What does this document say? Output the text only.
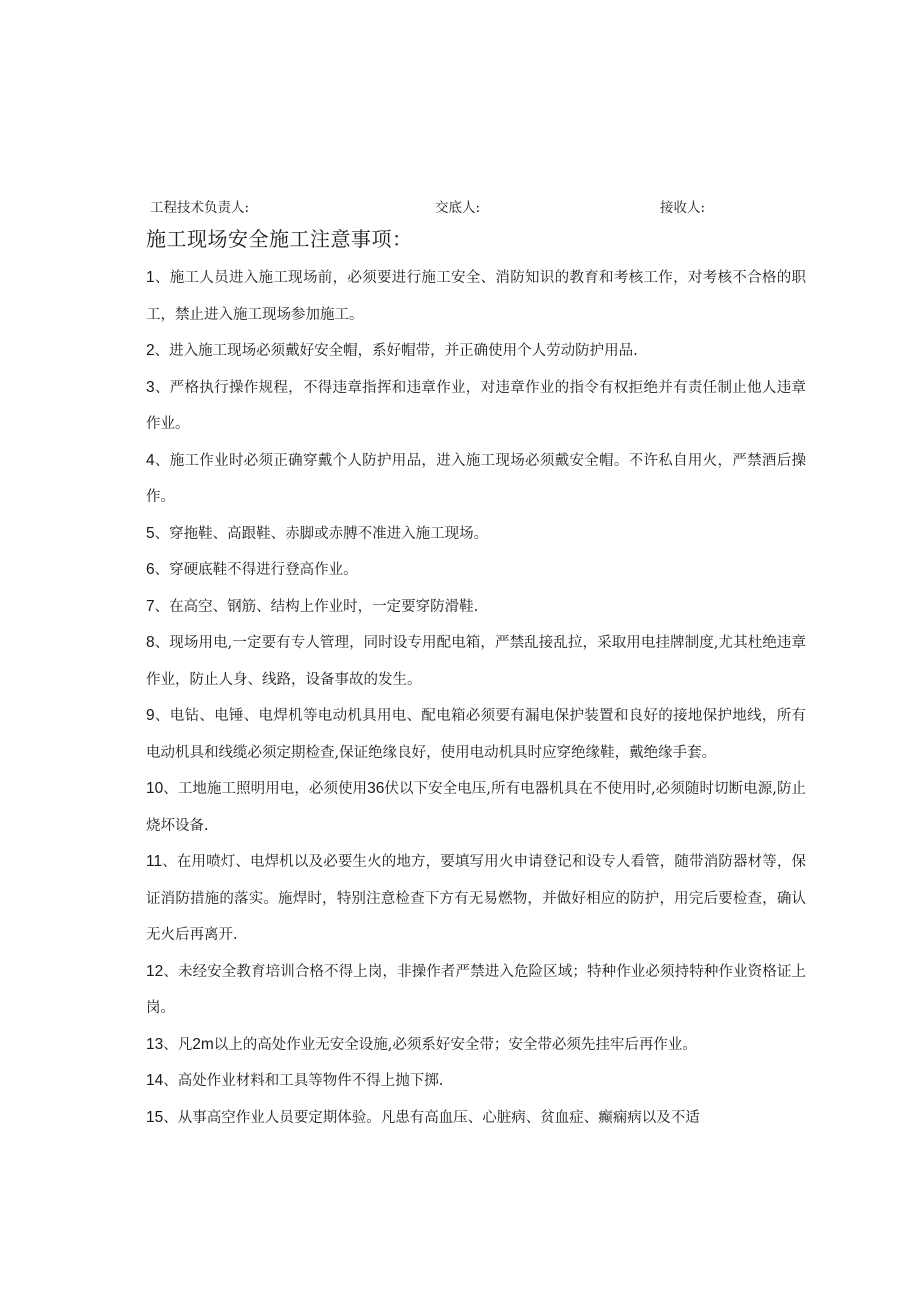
工程技术负责人:	交底人:	接收人:
施工现场安全施工注意事项：
1、施工人员进入施工现场前，必须要进行施工安全、消防知识的教育和考核工作，对考核不合格的职工，禁止进入施工现场参加施工。
2、进入施工现场必须戴好安全帽，系好帽带，并正确使用个人劳动防护用品.
3、严格执行操作规程，不得违章指挥和违章作业，对违章作业的指令有权拒绝并有责任制止他人违章作业。
4、施工作业时必须正确穿戴个人防护用品，进入施工现场必须戴安全帽。不许私自用火，严禁酒后操作。
5、穿拖鞋、高跟鞋、赤脚或赤膊不准进入施工现场。
6、穿硬底鞋不得进行登高作业。
7、在高空、钢筋、结构上作业时，一定要穿防滑鞋.
8、现场用电,一定要有专人管理，同时设专用配电箱，严禁乱接乱拉，采取用电挂牌制度,尤其杜绝违章作业，防止人身、线路，设备事故的发生。
9、电钻、电锤、电焊机等电动机具用电、配电箱必须要有漏电保护装置和良好的接地保护地线，所有电动机具和线缆必须定期检查,保证绝缘良好，使用电动机具时应穿绝缘鞋，戴绝缘手套。
10、工地施工照明用电，必须使用36伏以下安全电压,所有电器机具在不使用时,必须随时切断电源,防止烧坏设备.
11、在用喷灯、电焊机以及必要生火的地方，要填写用火申请登记和设专人看管，随带消防器材等，保证消防措施的落实。施焊时，特别注意检查下方有无易燃物，并做好相应的防护，用完后要检查，确认无火后再离开.
12、未经安全教育培训合格不得上岗，非操作者严禁进入危险区域；特种作业必须持特种作业资格证上岗。
13、凡2m以上的高处作业无安全设施,必须系好安全带；安全带必须先挂牢后再作业。
14、高处作业材料和工具等物件不得上抛下掷.
15、从事高空作业人员要定期体验。凡患有高血压、心脏病、贫血症、癫痫病以及不适
